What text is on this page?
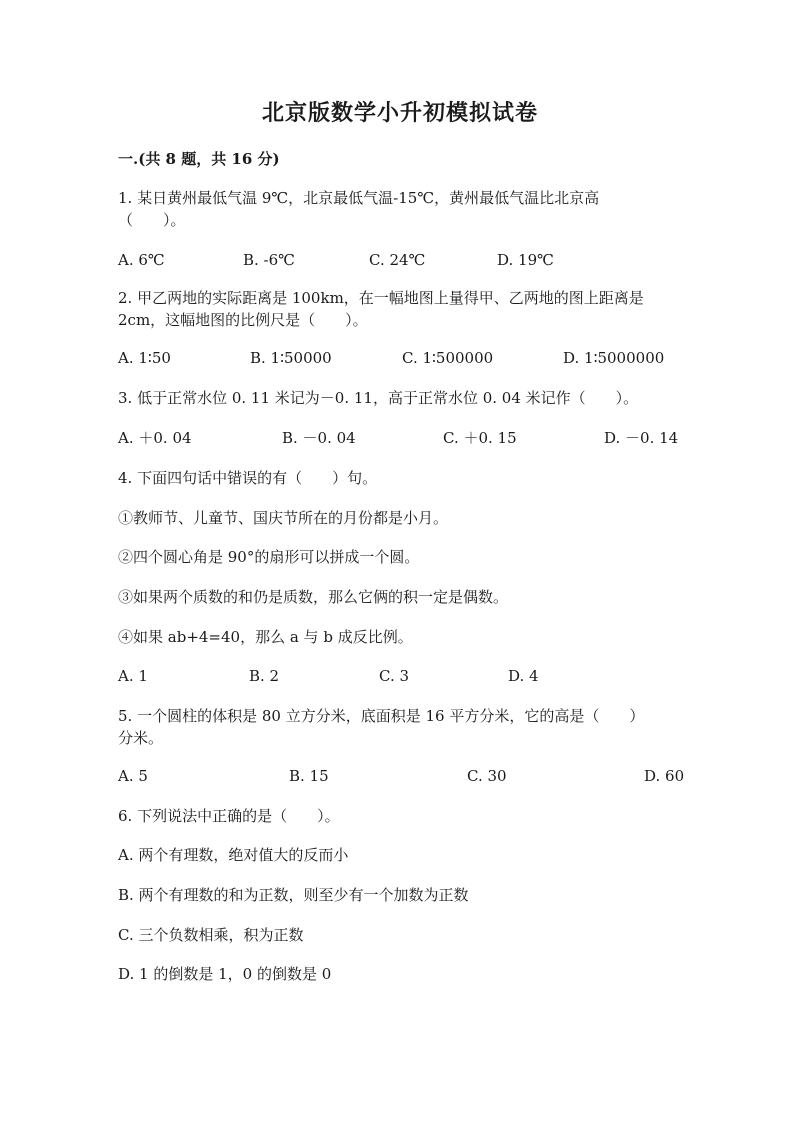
北京版数学小升初模拟试卷
一.(共 8 题，共 16 分)
1. 某日黄州最低气温 9℃，北京最低气温-15℃，黄州最低气温比北京高
（　　）。
A. 6℃	B. -6℃	C. 24℃	D. 19℃
2. 甲乙两地的实际距离是 100km，在一幅地图上量得甲、乙两地的图上距离是
2cm，这幅地图的比例尺是（　　）。
A. 1∶50	B. 1∶50000	C. 1∶500000	D. 1∶5000000
3. 低于正常水位 0. 11 米记为－0. 11，高于正常水位 0. 04 米记作（　　）。
A. ＋0. 04	B. －0. 04	C. ＋0. 15	D. －0. 14
4. 下面四句话中错误的有（　　）句。
①教师节、儿童节、国庆节所在的月份都是小月。
②四个圆心角是 90°的扇形可以拼成一个圆。
③如果两个质数的和仍是质数，那么它俩的积一定是偶数。
④如果 ab+4=40，那么 a 与 b 成反比例。
A. 1	B. 2	C. 3	D. 4
5. 一个圆柱的体积是 80 立方分米，底面积是 16 平方分米，它的高是（　　）
分米。
A. 5	B. 15	C. 30	D. 60
6. 下列说法中正确的是（　　）。
A. 两个有理数，绝对值大的反而小
B. 两个有理数的和为正数，则至少有一个加数为正数
C. 三个负数相乘，积为正数
D. 1 的倒数是 1，0 的倒数是 0
